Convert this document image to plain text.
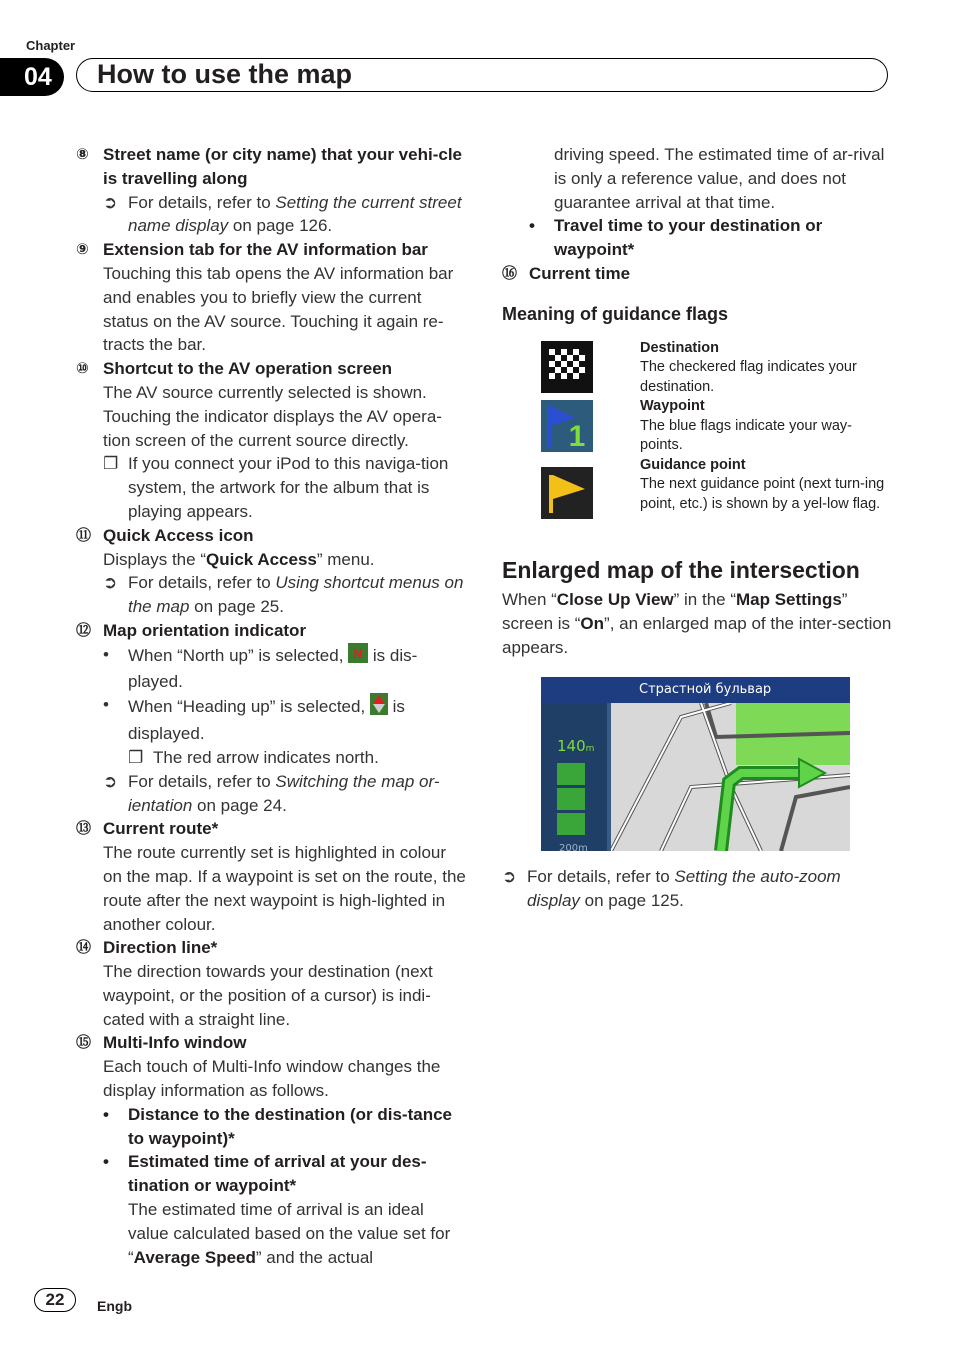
Chapter
04	How to use the map
⑧ Street name (or city name) that your vehi-cle is travelling along
➲ For details, refer to Setting the current street name display on page 126.
⑨ Extension tab for the AV information bar
Touching this tab opens the AV information bar and enables you to briefly view the current status on the AV source. Touching it again re-tracts the bar.
⑩ Shortcut to the AV operation screen
The AV source currently selected is shown. Touching the indicator displays the AV opera-tion screen of the current source directly.
❐ If you connect your iPod to this naviga-tion system, the artwork for the album that is playing appears.
⑪ Quick Access icon
Displays the “Quick Access” menu.
➲ For details, refer to Using shortcut menus on the map on page 25.
⑫ Map orientation indicator
•	When “North up” is selected, N is dis-played.
•	When “Heading up” is selected,  is displayed.
❐ The red arrow indicates north.
➲ For details, refer to Switching the map or-ientation on page 24.
⑬ Current route*
The route currently set is highlighted in colour on the map. If a waypoint is set on the route, the route after the next waypoint is high-lighted in another colour.
⑭ Direction line*
The direction towards your destination (next waypoint, or the position of a cursor) is indi-cated with a straight line.
⑮ Multi-Info window
Each touch of Multi-Info window changes the display information as follows.
•	Distance to the destination (or dis-tance to waypoint)*
•	Estimated time of arrival at your des-tination or waypoint*
The estimated time of arrival is an ideal value calculated based on the value set for “Average Speed” and the actual
driving speed. The estimated time of ar-rival is only a reference value, and does not guarantee arrival at that time.
•	Travel time to your destination or waypoint*
⑯ Current time
Meaning of guidance flags
1
Destination
The checkered flag indicates your destination.
Waypoint
The blue flags indicate your way-points.
Guidance point
The next guidance point (next turn-ing point, etc.) is shown by a yel-low flag.
Enlarged map of the intersection
When “Close Up View” in the “Map Settings” screen is “On”, an enlarged map of the inter-section appears.
Страстной бульвар
140m
200m
➲ For details, refer to Setting the auto-zoom display on page 125.
22	Engb
